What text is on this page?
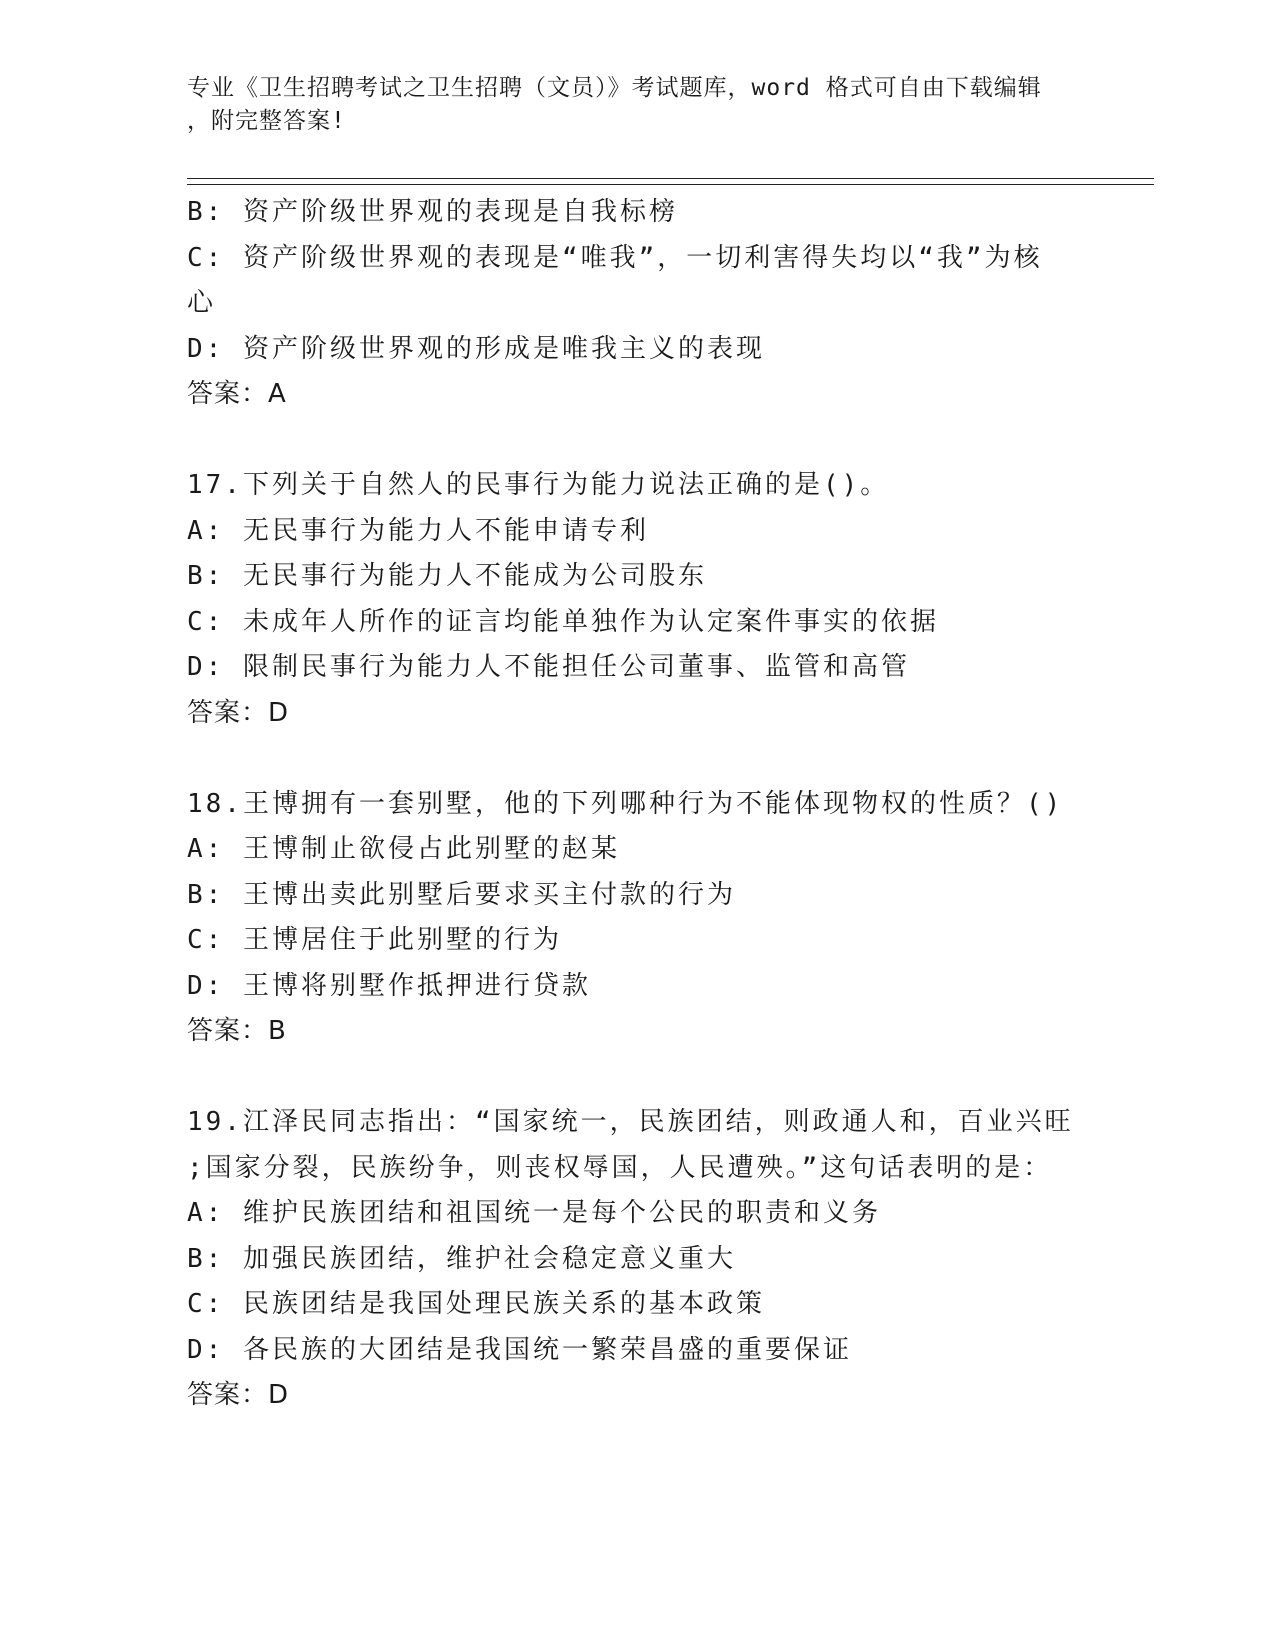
专业《卫生招聘考试之卫生招聘（文员）》考试题库，word 格式可自由下载编辑
，附完整答案!
B: 资产阶级世界观的表现是自我标榜
C: 资产阶级世界观的表现是“唯我”，一切利害得失均以“我”为核
心
D: 资产阶级世界观的形成是唯我主义的表现
答案：A
17.下列关于自然人的民事行为能力说法正确的是()。
A: 无民事行为能力人不能申请专利
B: 无民事行为能力人不能成为公司股东
C: 未成年人所作的证言均能单独作为认定案件事实的依据
D: 限制民事行为能力人不能担任公司董事、监管和高管
答案：D
18.王博拥有一套别墅，他的下列哪种行为不能体现物权的性质？()
A: 王博制止欲侵占此别墅的赵某
B: 王博出卖此别墅后要求买主付款的行为
C: 王博居住于此别墅的行为
D: 王博将别墅作抵押进行贷款
答案：B
19.江泽民同志指出：“国家统一，民族团结，则政通人和，百业兴旺
;国家分裂，民族纷争，则丧权辱国，人民遭殃。”这句话表明的是：
A: 维护民族团结和祖国统一是每个公民的职责和义务
B: 加强民族团结，维护社会稳定意义重大
C: 民族团结是我国处理民族关系的基本政策
D: 各民族的大团结是我国统一繁荣昌盛的重要保证
答案：D
